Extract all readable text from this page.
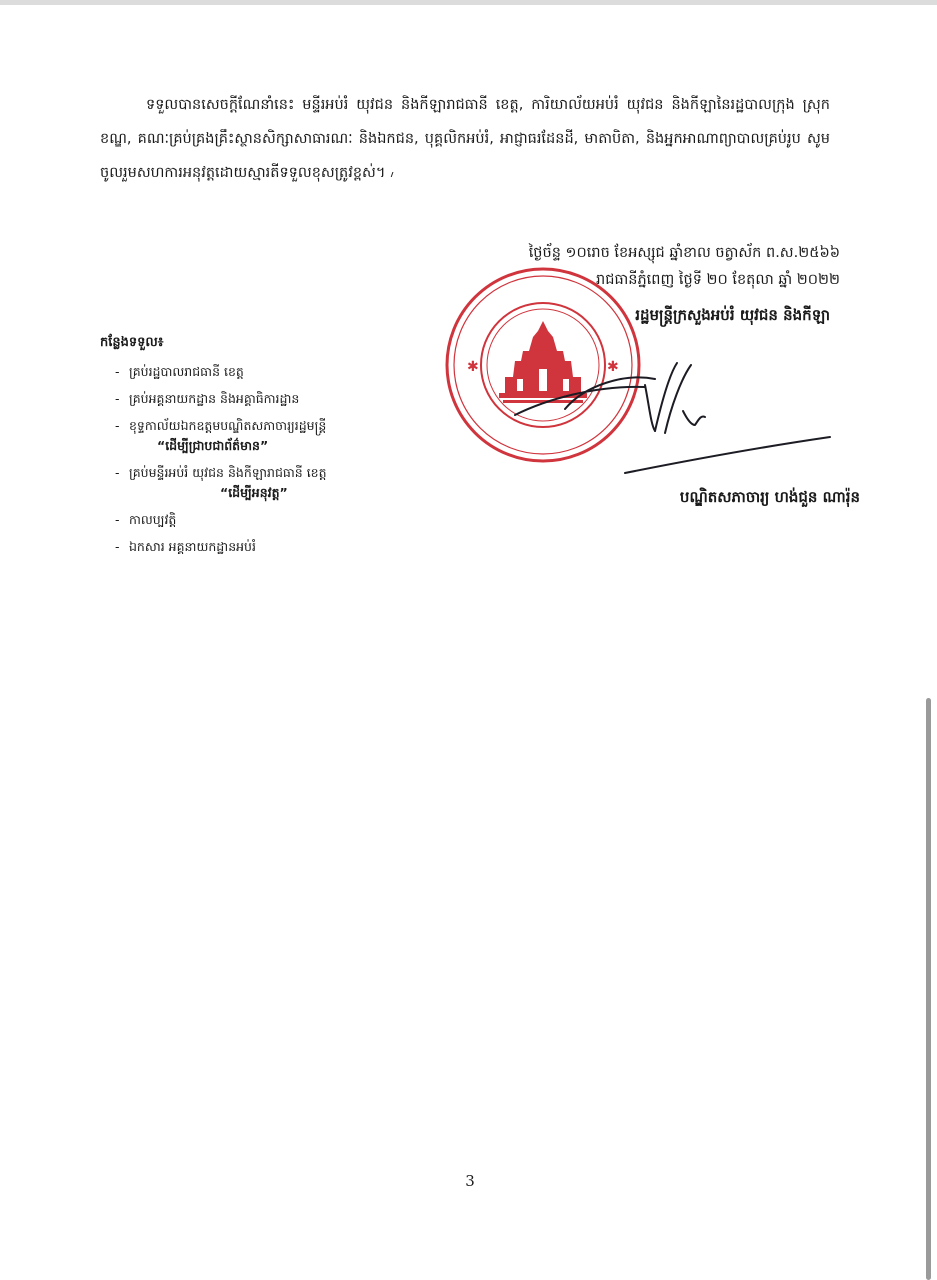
ទទួលបានសេចក្តីណែនាំនេះ មន្ទីរអប់រំ យុវជន និងកីឡារាជធានី ខេត្ត, ការិយាល័យអប់រំ យុវជន និងកីឡានៃរដ្ឋបាលក្រុង ស្រុក ខណ្ឌ, គណៈគ្រប់គ្រងគ្រឹះស្ថានសិក្សាសាធារណៈ និងឯកជន, បុគ្គលិកអប់រំ, អាជ្ញាធរដែនដី, មាតាបិតា, និងអ្នកអាណាព្យាបាលគ្រប់រូប សូមចូលរួមសហការអនុវត្តដោយស្មារតីទទួលខុសត្រូវខ្ពស់។ ៸
ថ្ងៃច័ន្ទ ១០រោច ខែអស្សុជ ឆ្នាំខាល ចត្វាស័ក ព.ស.២៥៦៦
រាជធានីភ្នំពេញ ថ្ងៃទី ២០ ខែតុលា ឆ្នាំ ២០២២
✱	✱
រដ្ឋមន្ត្រីក្រសួងអប់រំ យុវជន និងកីឡា
កន្លែងទទួល៖
- គ្រប់រដ្ឋបាលរាជធានី ខេត្ត
- គ្រប់អគ្គនាយកដ្ឋាន និងអគ្គាធិការដ្ឋាន
- ខុទ្ទកាល័យឯកឧត្តមបណ្ឌិតសភាចារ្យរដ្ឋមន្ត្រី
“ដើម្បីជ្រាបជាព័ត៌មាន”
- គ្រប់មន្ទីរអប់រំ យុវជន និងកីឡារាជធានី ខេត្ត
“ដើម្បីអនុវត្ត”
- កាលប្បវត្តិ
- ឯកសារ អគ្គនាយកដ្ឋានអប់រំ
បណ្ឌិតសភាចារ្យ ហង់ជួន ណារ៉ុន
3
